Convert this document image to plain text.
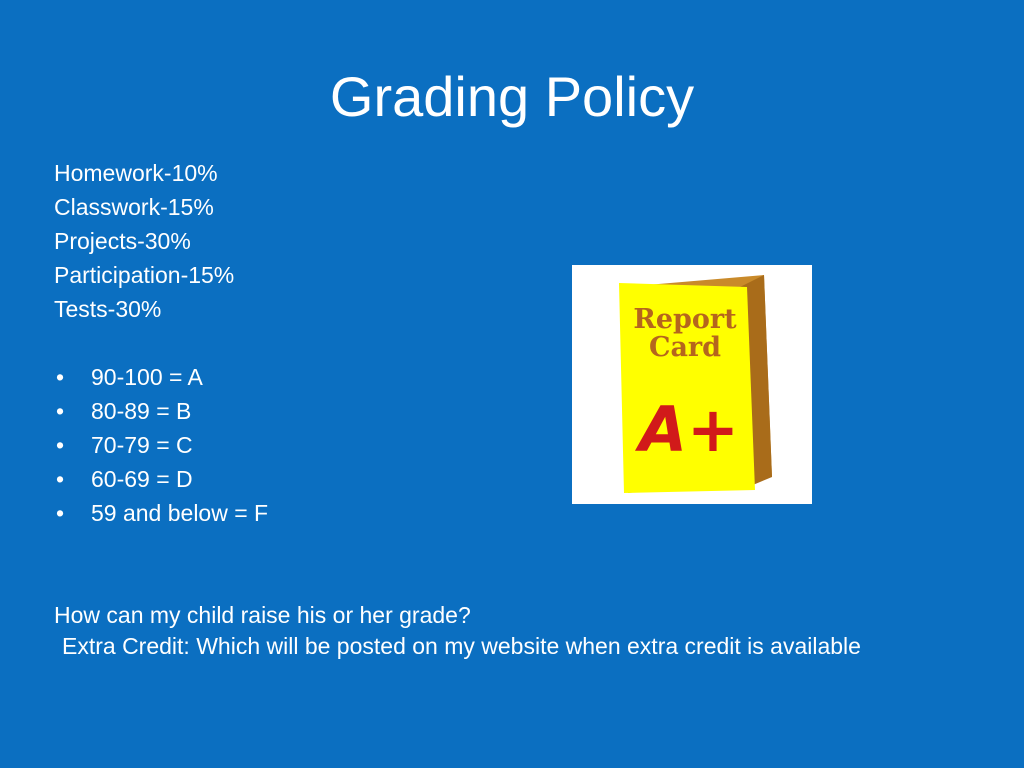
Grading Policy
Homework-10%
Classwork-15%
Projects-30%
Participation-15%
Tests-30%
• 90-100 = A
• 80-89 = B
• 70-79 = C
• 60-69 = D
• 59 and below = F
How can my child raise his or her grade?
Extra Credit: Which will be posted on my website when extra credit is available
Report
Card
A+
